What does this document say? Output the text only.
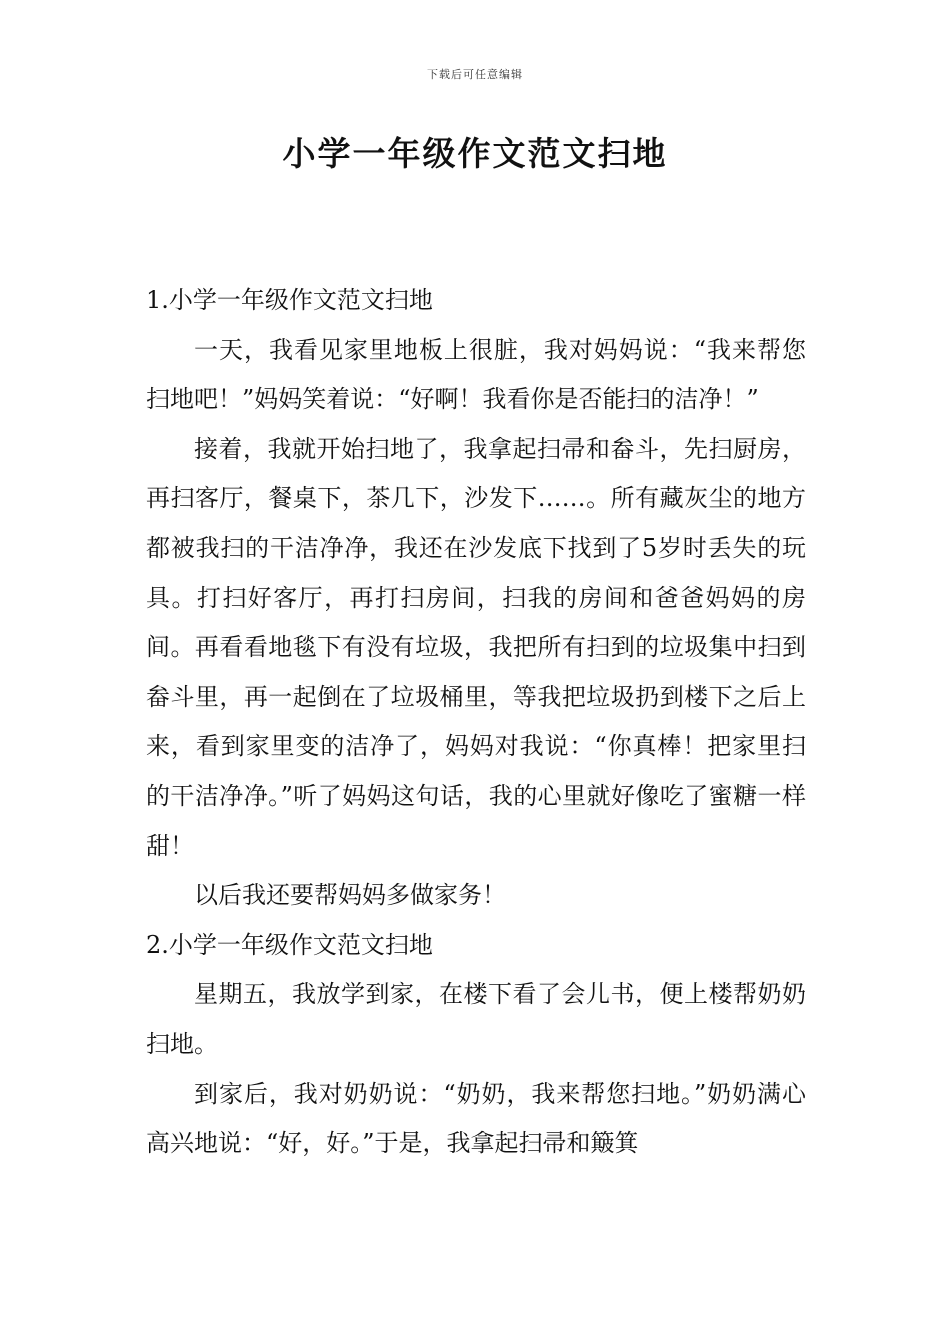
下载后可任意编辑
小学一年级作文范文扫地

1.小学一年级作文范文扫地

一天，我看见家里地板上很脏，我对妈妈说：“我来帮您扫地吧！”妈妈笑着说：“好啊！我看你是否能扫的洁净！”

接着，我就开始扫地了，我拿起扫帚和畚斗，先扫厨房，再扫客厅，餐桌下，茶几下，沙发下……。所有藏灰尘的地方都被我扫的干洁净净，我还在沙发底下找到了5岁时丢失的玩具。打扫好客厅，再打扫房间，扫我的房间和爸爸妈妈的房间。再看看地毯下有没有垃圾，我把所有扫到的垃圾集中扫到畚斗里，再一起倒在了垃圾桶里，等我把垃圾扔到楼下之后上来，看到家里变的洁净了，妈妈对我说：“你真棒！把家里扫的干洁净净。”听了妈妈这句话，我的心里就好像吃了蜜糖一样甜！

以后我还要帮妈妈多做家务！

2.小学一年级作文范文扫地

星期五，我放学到家，在楼下看了会儿书，便上楼帮奶奶扫地。

到家后，我对奶奶说：“奶奶，我来帮您扫地。”奶奶满心高兴地说：“好，好。”于是，我拿起扫帚和簸箕
